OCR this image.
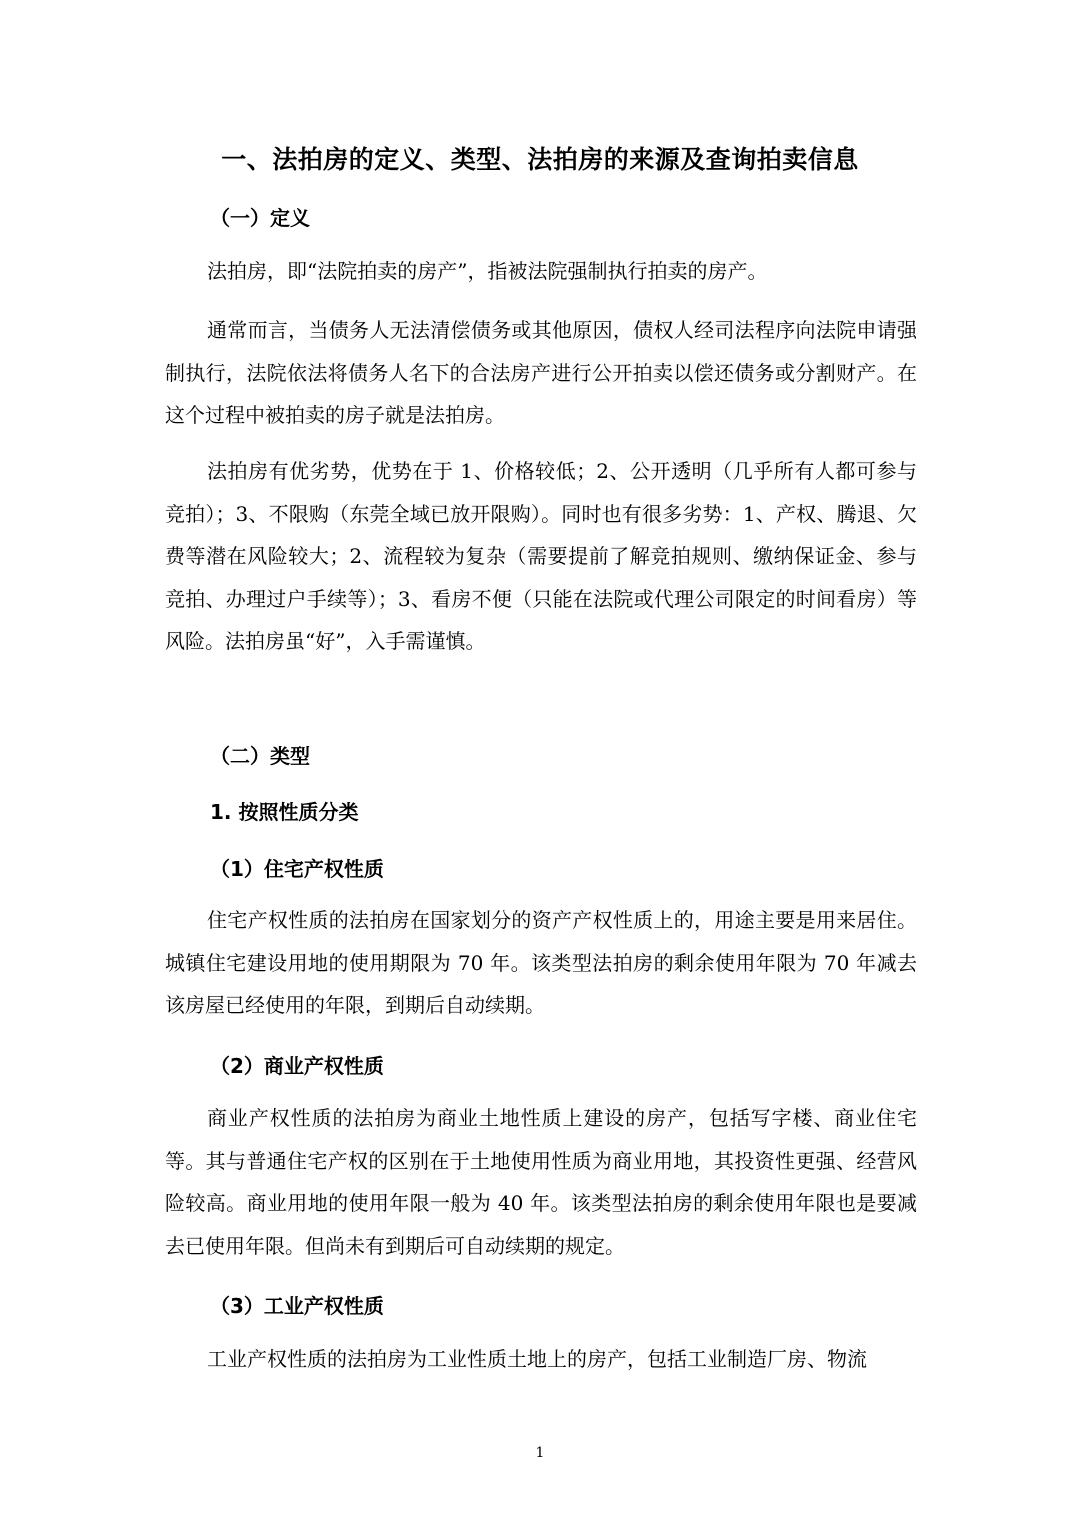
一、法拍房的定义、类型、法拍房的来源及查询拍卖信息
（一）定义

法拍房，即“法院拍卖的房产”，指被法院强制执行拍卖的房产。

通常而言，当债务人无法清偿债务或其他原因，债权人经司法程序向法院申请强制执行，法院依法将债务人名下的合法房产进行公开拍卖以偿还债务或分割财产。在这个过程中被拍卖的房子就是法拍房。

法拍房有优劣势，优势在于 1、价格较低；2、公开透明（几乎所有人都可参与竞拍）；3、不限购（东莞全域已放开限购）。同时也有很多劣势：1、产权、腾退、欠费等潜在风险较大；2、流程较为复杂（需要提前了解竞拍规则、缴纳保证金、参与竞拍、办理过户手续等）；3、看房不便（只能在法院或代理公司限定的时间看房）等风险。法拍房虽“好”，入手需谨慎。

（二）类型
1. 按照性质分类
（1）住宅产权性质

住宅产权性质的法拍房在国家划分的资产产权性质上的，用途主要是用来居住。城镇住宅建设用地的使用期限为 70 年。该类型法拍房的剩余使用年限为 70 年减去该房屋已经使用的年限，到期后自动续期。

（2）商业产权性质

商业产权性质的法拍房为商业土地性质上建设的房产，包括写字楼、商业住宅等。其与普通住宅产权的区别在于土地使用性质为商业用地，其投资性更强、经营风险较高。商业用地的使用年限一般为 40 年。该类型法拍房的剩余使用年限也是要减去已使用年限。但尚未有到期后可自动续期的规定。

（3）工业产权性质

工业产权性质的法拍房为工业性质土地上的房产，包括工业制造厂房、物流

1
